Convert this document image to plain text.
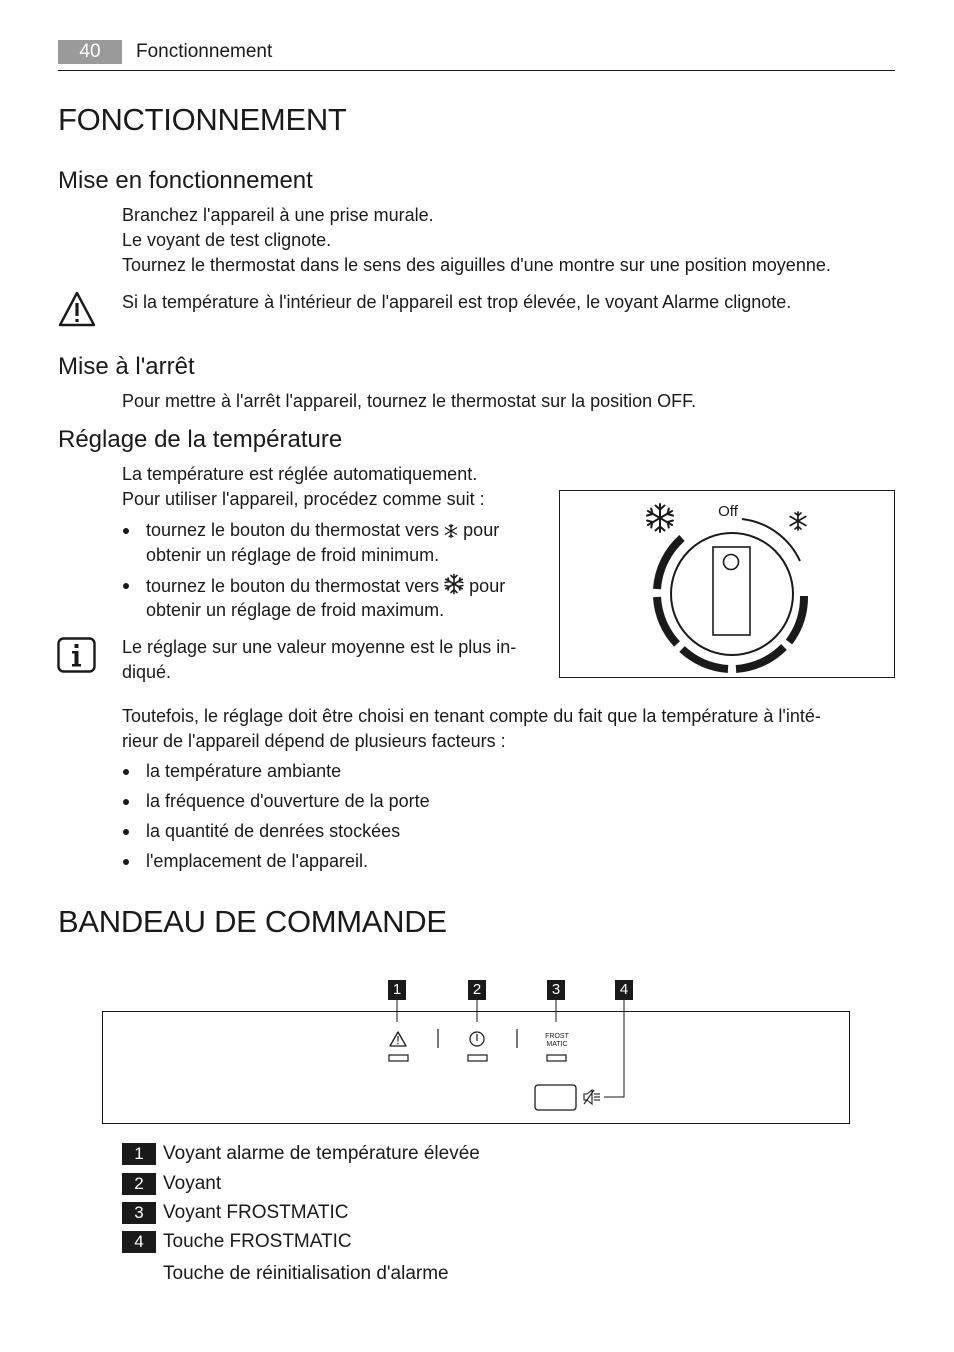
40	Fonctionnement
FONCTIONNEMENT
Mise en fonctionnement
Branchez l'appareil à une prise murale.
Le voyant de test clignote.
Tournez le thermostat dans le sens des aiguilles d'une montre sur une position moyenne.
Si la température à l'intérieur de l'appareil est trop élevée, le voyant Alarme clignote.
Mise à l'arrêt
Pour mettre à l'arrêt l'appareil, tournez le thermostat sur la position OFF.
Réglage de la température
La température est réglée automatiquement.
Pour utiliser l'appareil, procédez comme suit :
tournez le bouton du thermostat vers pour
obtenir un réglage de froid minimum.
tournez le bouton du thermostat vers pour
obtenir un réglage de froid maximum.
Le réglage sur une valeur moyenne est le plus in-
diqué.
Off
Toutefois, le réglage doit être choisi en tenant compte du fait que la température à l'inté-
rieur de l'appareil dépend de plusieurs facteurs :
la température ambiante
la fréquence d'ouverture de la porte
la quantité de denrées stockées
l'emplacement de l'appareil.
BANDEAU DE COMMANDE
1	2	3	4
FROST
MATIC
1	Voyant alarme de température élevée
2	Voyant
3	Voyant FROSTMATIC
4	Touche FROSTMATIC
Touche de réinitialisation d'alarme
